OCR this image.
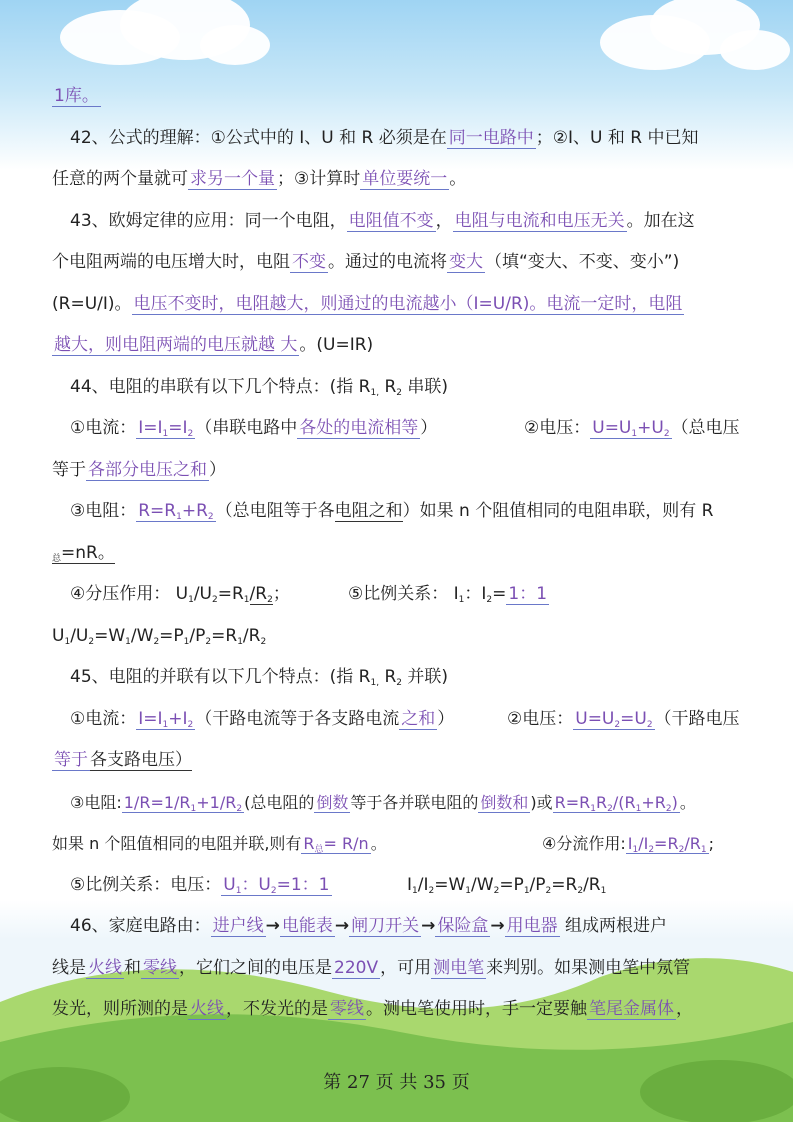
1库。
42、公式的理解：①公式中的 I、U 和 R 必须是在 同一电路中 ；②I、U 和 R 中已知
任意的两个量就可 求另一个量 ；③计算时 单位要统一 。
43、欧姆定律的应用：同一个电阻， 电阻值不变 ， 电阻与电流和电压无关 。加在这
个电阻两端的电压增大时，电阻 不变 。通过的电流将 变大 （填“变大、不变、变小”)
(R=U/I)。 电压不变时，电阻越大，则通过的电流越小（I=U/R)。电流一定时，电阻
越大，则电阻两端的电压就越 大 。(U=IR)
44、电阻的串联有以下几个特点：(指 $R_{1,}$ $R_2$ 串联)
①电流： $I=I_1=I_2$ （串联电路中 各处的电流相等 ）	②电压： $U=U_1+U_2$ （总电压
等于 各部分电压之和 ）
③电阻： $R=R_1+R_2$ （总电阻等于各电阻之和）如果 n 个阻值相同的电阻串联，则有 R
$_总$=nR。
④分压作用： $U_1/U_2=R_1/R_2$；	⑤比例关系： $I_1$：$I_2= 1$：1
$U_1/U_2=W_1/W_2=P_1/P_2=R_1/R_2$
45、电阻的并联有以下几个特点：(指 $R_{1,}$ $R_2$ 并联)
①电流： $I=I_1+I_2$ （干路电流等于各支路电流 之和 ）	②电压： $U=U_2=U_2$ （干路电压
等于 各支路电压）
③电阻: $1/R=1/R_1+1/R_2$ (总电阻的 倒数 等于各并联电阻的 倒数和 )或 $R=R_1R_2/(R_1+R_2)$ 。
如果 n 个阻值相同的电阻并联,则有 $R_总= R/n$ 。	④分流作用: $I_1/I_2=R_2/R_1$ ;
⑤比例关系：电压： $U_1$：$U_2=1$：1	$I_1/I_2=W_1/W_2=P_1/P_2=R_2/R_1$
46、家庭电路由： 进户线 → 电能表 → 闸刀开关 → 保险盒 → 用电器 组成两根进户
线是 火线 和 零线 ，它们之间的电压是 220V ，可用 测电笔 来判别。如果测电笔中氖管
发光，则所测的是 火线 ，不发光的是 零线 。测电笔使用时，手一定要触 笔尾金属体 ，
第 27 页 共 35 页
